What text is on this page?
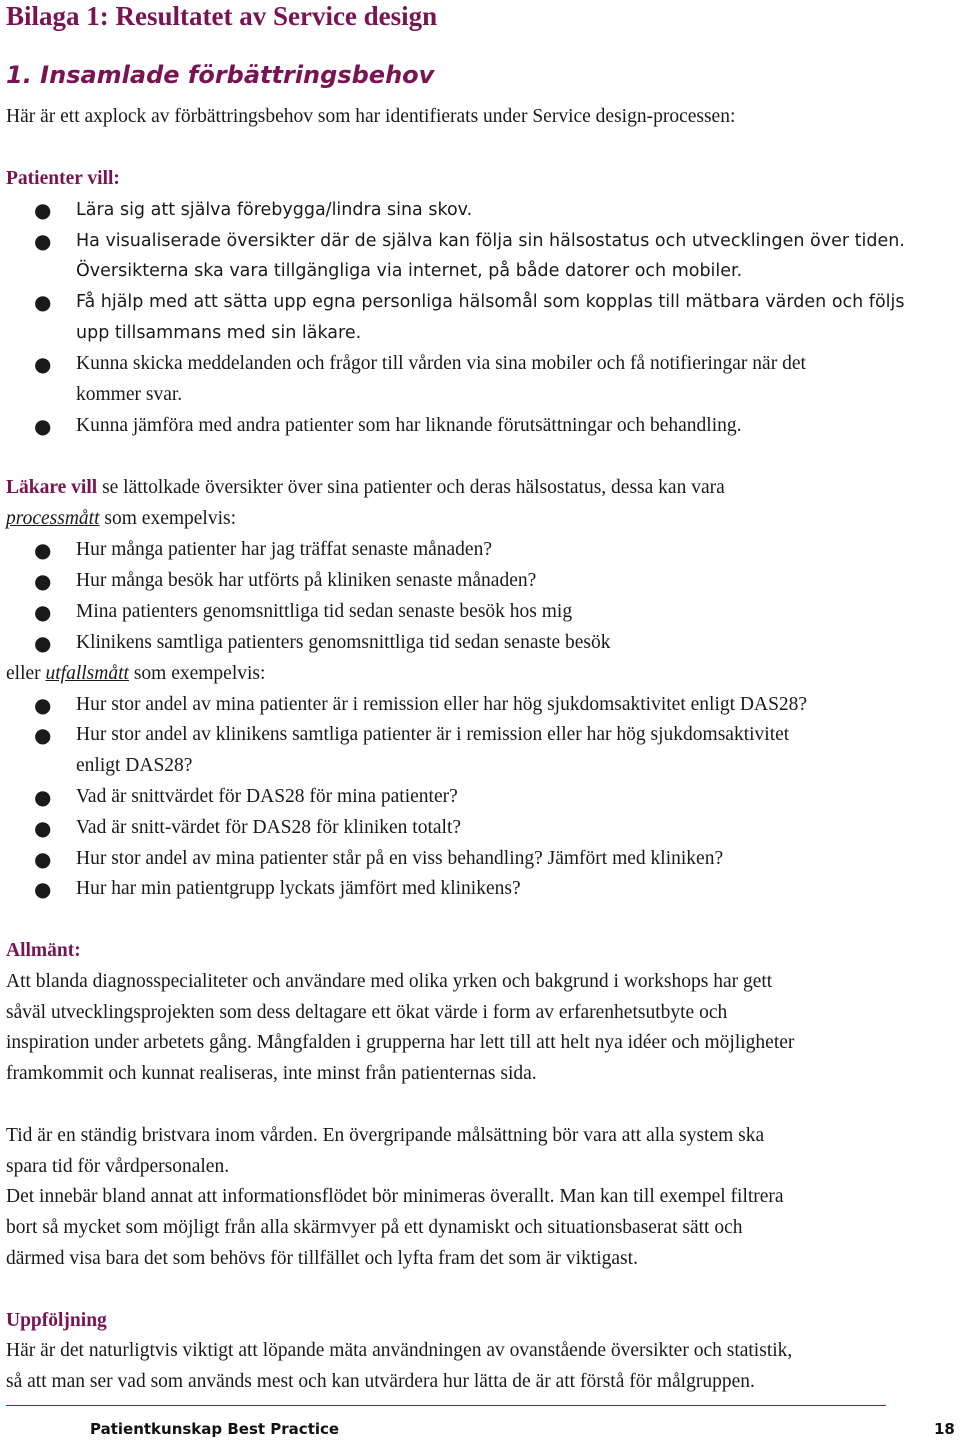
Bilaga 1: Resultatet av Service design
1. Insamlade förbättringsbehov
Här är ett axplock av förbättringsbehov som har identifierats under Service design-processen:
Patienter vill:
● Lära sig att själva förebygga/lindra sina skov.
● Ha visualiserade översikter där de själva kan följa sin hälsostatus och utvecklingen över tiden.
Översikterna ska vara tillgängliga via internet, på både datorer och mobiler.
● Få hjälp med att sätta upp egna personliga hälsomål som kopplas till mätbara värden och följs
upp tillsammans med sin läkare.
● Kunna skicka meddelanden och frågor till vården via sina mobiler och få notifieringar när det
kommer svar.
● Kunna jämföra med andra patienter som har liknande förutsättningar och behandling.
Läkare vill se lättolkade översikter över sina patienter och deras hälsostatus, dessa kan vara
processmått som exempelvis:
● Hur många patienter har jag träffat senaste månaden?
● Hur många besök har utförts på kliniken senaste månaden?
● Mina patienters genomsnittliga tid sedan senaste besök hos mig
● Klinikens samtliga patienters genomsnittliga tid sedan senaste besök
eller utfallsmått som exempelvis:
● Hur stor andel av mina patienter är i remission eller har hög sjukdomsaktivitet enligt DAS28?
● Hur stor andel av klinikens samtliga patienter är i remission eller har hög sjukdomsaktivitet
enligt DAS28?
● Vad är snittvärdet för DAS28 för mina patienter?
● Vad är snitt-värdet för DAS28 för kliniken totalt?
● Hur stor andel av mina patienter står på en viss behandling? Jämfört med kliniken?
● Hur har min patientgrupp lyckats jämfört med klinikens?
Allmänt:
Att blanda diagnosspecialiteter och användare med olika yrken och bakgrund i workshops har gett
såväl utvecklingsprojekten som dess deltagare ett ökat värde i form av erfarenhetsutbyte och
inspiration under arbetets gång. Mångfalden i grupperna har lett till att helt nya idéer och möjligheter
framkommit och kunnat realiseras, inte minst från patienternas sida.
Tid är en ständig bristvara inom vården. En övergripande målsättning bör vara att alla system ska
spara tid för vårdpersonalen.
Det innebär bland annat att informationsflödet bör minimeras överallt. Man kan till exempel filtrera
bort så mycket som möjligt från alla skärmvyer på ett dynamiskt och situationsbaserat sätt och
därmed visa bara det som behövs för tillfället och lyfta fram det som är viktigast.
Uppföljning
Här är det naturligtvis viktigt att löpande mäta användningen av ovanstående översikter och statistik,
så att man ser vad som används mest och kan utvärdera hur lätta de är att förstå för målgruppen.
Patientkunskap Best Practice	18
